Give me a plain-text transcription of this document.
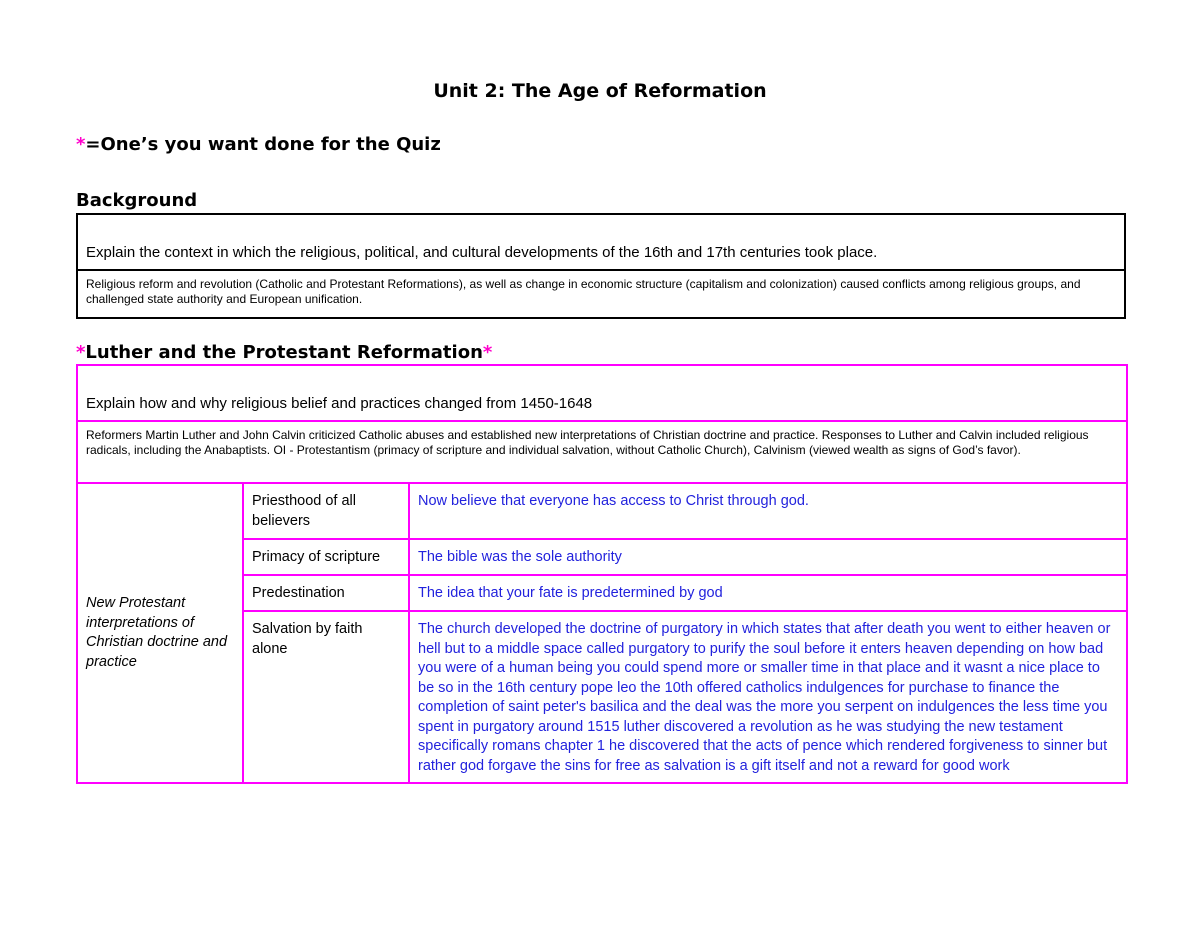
Unit 2: The Age of Reformation
*=One’s you want done for the Quiz
Background
Explain the context in which the religious, political, and cultural developments of the 16th and 17th centuries took place.
Religious reform and revolution (Catholic and Protestant Reformations), as well as change in economic structure (capitalism and colonization) caused conflicts among religious groups, and challenged state authority and European unification.
*Luther and the Protestant Reformation*
Explain how and why religious belief and practices changed from 1450-1648		
Reformers Martin Luther and John Calvin criticized Catholic abuses and established new interpretations of Christian doctrine and practice. Responses to Luther and Calvin included religious radicals, including the Anabaptists. OI - Protestantism (primacy of scripture and individual salvation, without Catholic Church), Calvinism (viewed wealth as signs of God’s favor).		
New Protestant interpretations of Christian doctrine and practice	Priesthood of all believers	Now believe that everyone has access to Christ through god.
	Primacy of scripture	The bible was the sole authority
	Predestination	The idea that your fate is predetermined by god
	Salvation by faith alone	The church developed the doctrine of purgatory in which states that after death you went to either heaven or hell but to a middle space called purgatory to purify the soul before it enters heaven depending on how bad you were of a human being you could spend more or smaller time in that place and it wasnt a nice place to be so in the 16th century pope leo the 10th offered catholics indulgences for purchase to finance the completion of saint peter's basilica and the deal was the more you serpent on indulgences the less time you spent in purgatory around 1515 luther discovered a revolution as he was studying the new testament specifically romans chapter 1 he discovered that the acts of pence which rendered forgiveness to sinner but rather god forgave the sins for free as salvation is a gift itself and not a reward for good work
